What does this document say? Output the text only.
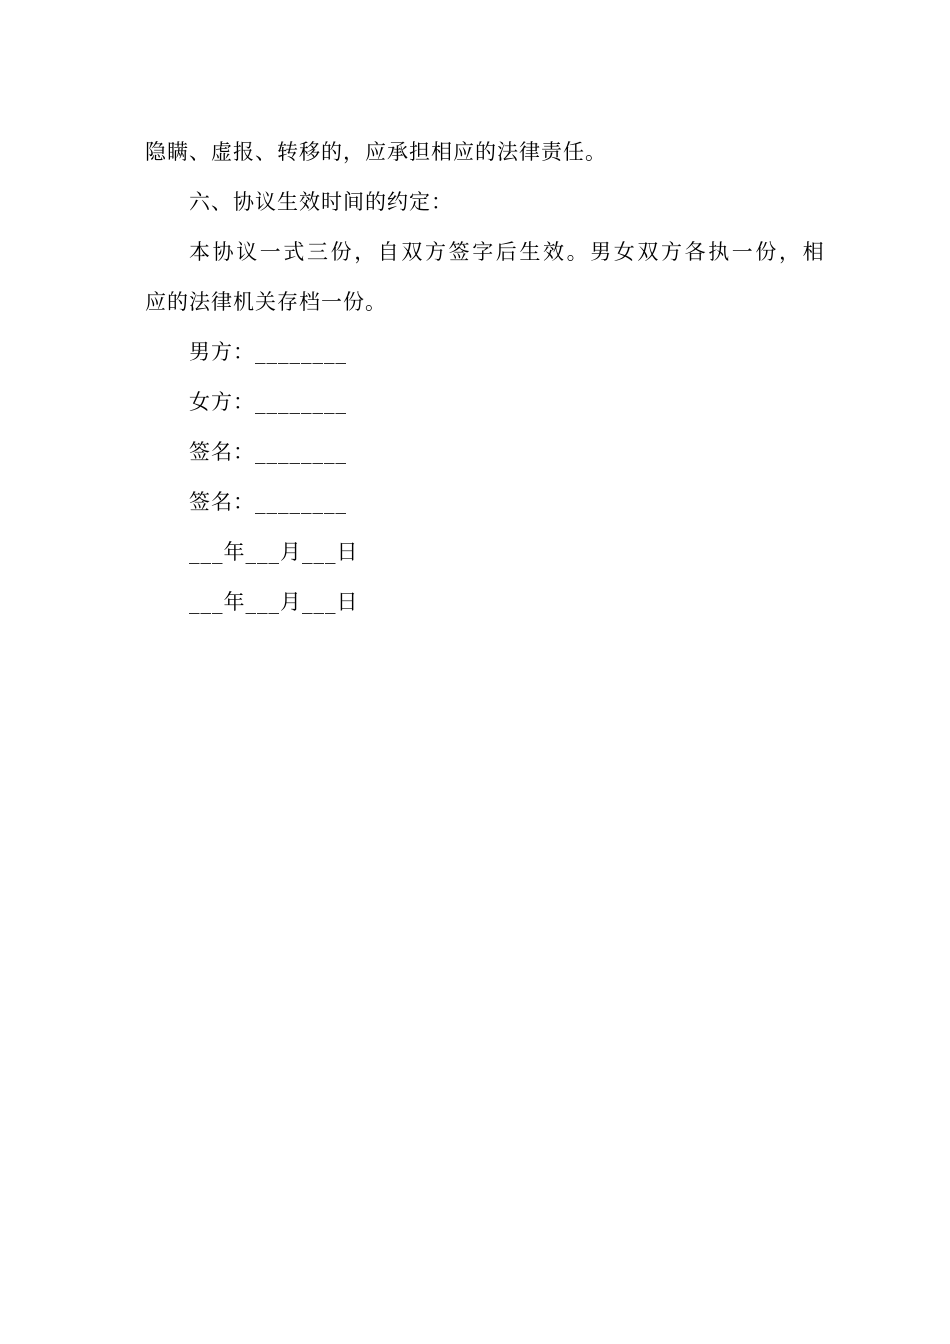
隐瞒、虚报、转移的，应承担相应的法律责任。
六、协议生效时间的约定：
本协议一式三份，自双方签字后生效。男女双方各执一份，相
应的法律机关存档一份。
男方：________
女方：________
签名：________
签名：________
___年___月___日
___年___月___日
